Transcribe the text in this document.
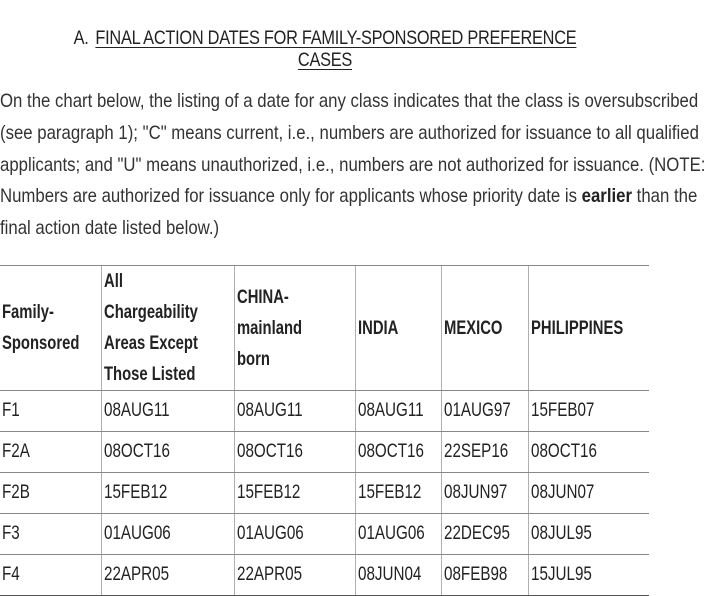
A. FINAL ACTION DATES FOR FAMILY-SPONSORED PREFERENCE CASES

On the chart below, the listing of a date for any class indicates that the class is oversubscribed
(see paragraph 1); "C" means current, i.e., numbers are authorized for issuance to all qualified
applicants; and "U" means unauthorized, i.e., numbers are not authorized for issuance. (NOTE:
Numbers are authorized for issuance only for applicants whose priority date is earlier than the
final action date listed below.)

Family-
Sponsored	All Chargeability
Areas Except
Those Listed	CHINA-mainland
born	INDIA	MEXICO	PHILIPPINES
F1	08AUG11	08AUG11	08AUG11	01AUG97	15FEB07
F2A	08OCT16	08OCT16	08OCT16	22SEP16	08OCT16
F2B	15FEB12	15FEB12	15FEB12	08JUN97	08JUN07
F3	01AUG06	01AUG06	01AUG06	22DEC95	08JUL95
F4	22APR05	22APR05	08JUN04	08FEB98	15JUL95
